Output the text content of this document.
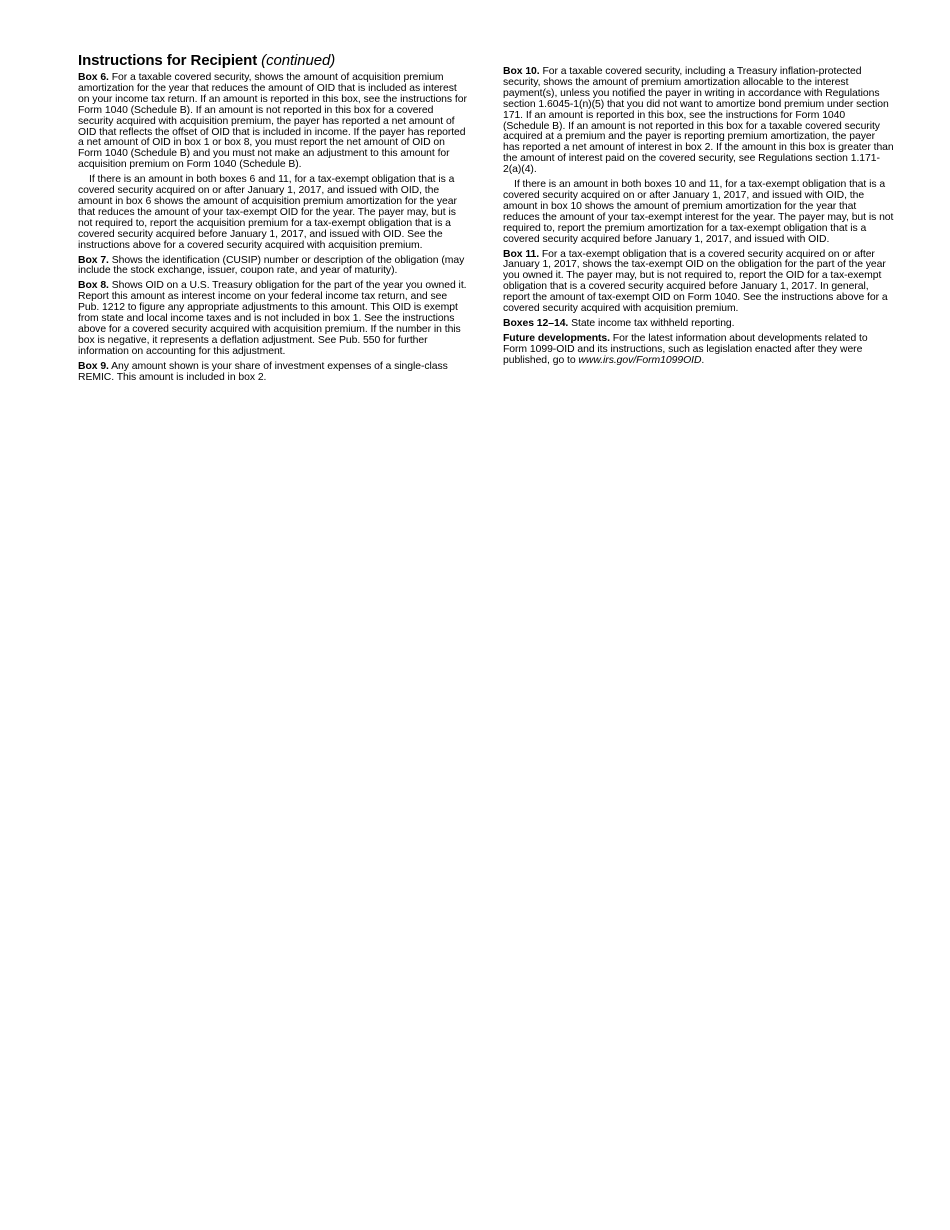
Instructions for Recipient (continued)

Box 6. For a taxable covered security, shows the amount of acquisition premium amortization for the year that reduces the amount of OID that is included as interest on your income tax return. If an amount is reported in this box, see the instructions for Form 1040 (Schedule B). If an amount is not reported in this box for a covered security acquired with acquisition premium, the payer has reported a net amount of OID that reflects the offset of OID that is included in income. If the payer has reported a net amount of OID in box 1 or box 8, you must report the net amount of OID on Form 1040 (Schedule B) and you must not make an adjustment to this amount for acquisition premium on Form 1040 (Schedule B).

If there is an amount in both boxes 6 and 11, for a tax-exempt obligation that is a covered security acquired on or after January 1, 2017, and issued with OID, the amount in box 6 shows the amount of acquisition premium amortization for the year that reduces the amount of your tax-exempt OID for the year. The payer may, but is not required to, report the acquisition premium for a tax-exempt obligation that is a covered security acquired before January 1, 2017, and issued with OID. See the instructions above for a covered security acquired with acquisition premium.

Box 7. Shows the identification (CUSIP) number or description of the obligation (may include the stock exchange, issuer, coupon rate, and year of maturity).

Box 8. Shows OID on a U.S. Treasury obligation for the part of the year you owned it. Report this amount as interest income on your federal income tax return, and see Pub. 1212 to figure any appropriate adjustments to this amount. This OID is exempt from state and local income taxes and is not included in box 1. See the instructions above for a covered security acquired with acquisition premium. If the number in this box is negative, it represents a deflation adjustment. See Pub. 550 for further information on accounting for this adjustment.

Box 9. Any amount shown is your share of investment expenses of a single-class REMIC. This amount is included in box 2.

Box 10. For a taxable covered security, including a Treasury inflation-protected security, shows the amount of premium amortization allocable to the interest payment(s), unless you notified the payer in writing in accordance with Regulations section 1.6045-1(n)(5) that you did not want to amortize bond premium under section 171. If an amount is reported in this box, see the instructions for Form 1040 (Schedule B). If an amount is not reported in this box for a taxable covered security acquired at a premium and the payer is reporting premium amortization, the payer has reported a net amount of interest in box 2. If the amount in this box is greater than the amount of interest paid on the covered security, see Regulations section 1.171-2(a)(4).

If there is an amount in both boxes 10 and 11, for a tax-exempt obligation that is a covered security acquired on or after January 1, 2017, and issued with OID, the amount in box 10 shows the amount of premium amortization for the year that reduces the amount of your tax-exempt interest for the year. The payer may, but is not required to, report the premium amortization for a tax-exempt obligation that is a covered security acquired before January 1, 2017, and issued with OID.

Box 11. For a tax-exempt obligation that is a covered security acquired on or after January 1, 2017, shows the tax-exempt OID on the obligation for the part of the year you owned it. The payer may, but is not required to, report the OID for a tax-exempt obligation that is a covered security acquired before January 1, 2017. In general, report the amount of tax-exempt OID on Form 1040. See the instructions above for a covered security acquired with acquisition premium.

Boxes 12–14. State income tax withheld reporting.

Future developments. For the latest information about developments related to Form 1099-OID and its instructions, such as legislation enacted after they were published, go to www.irs.gov/Form1099OID.
